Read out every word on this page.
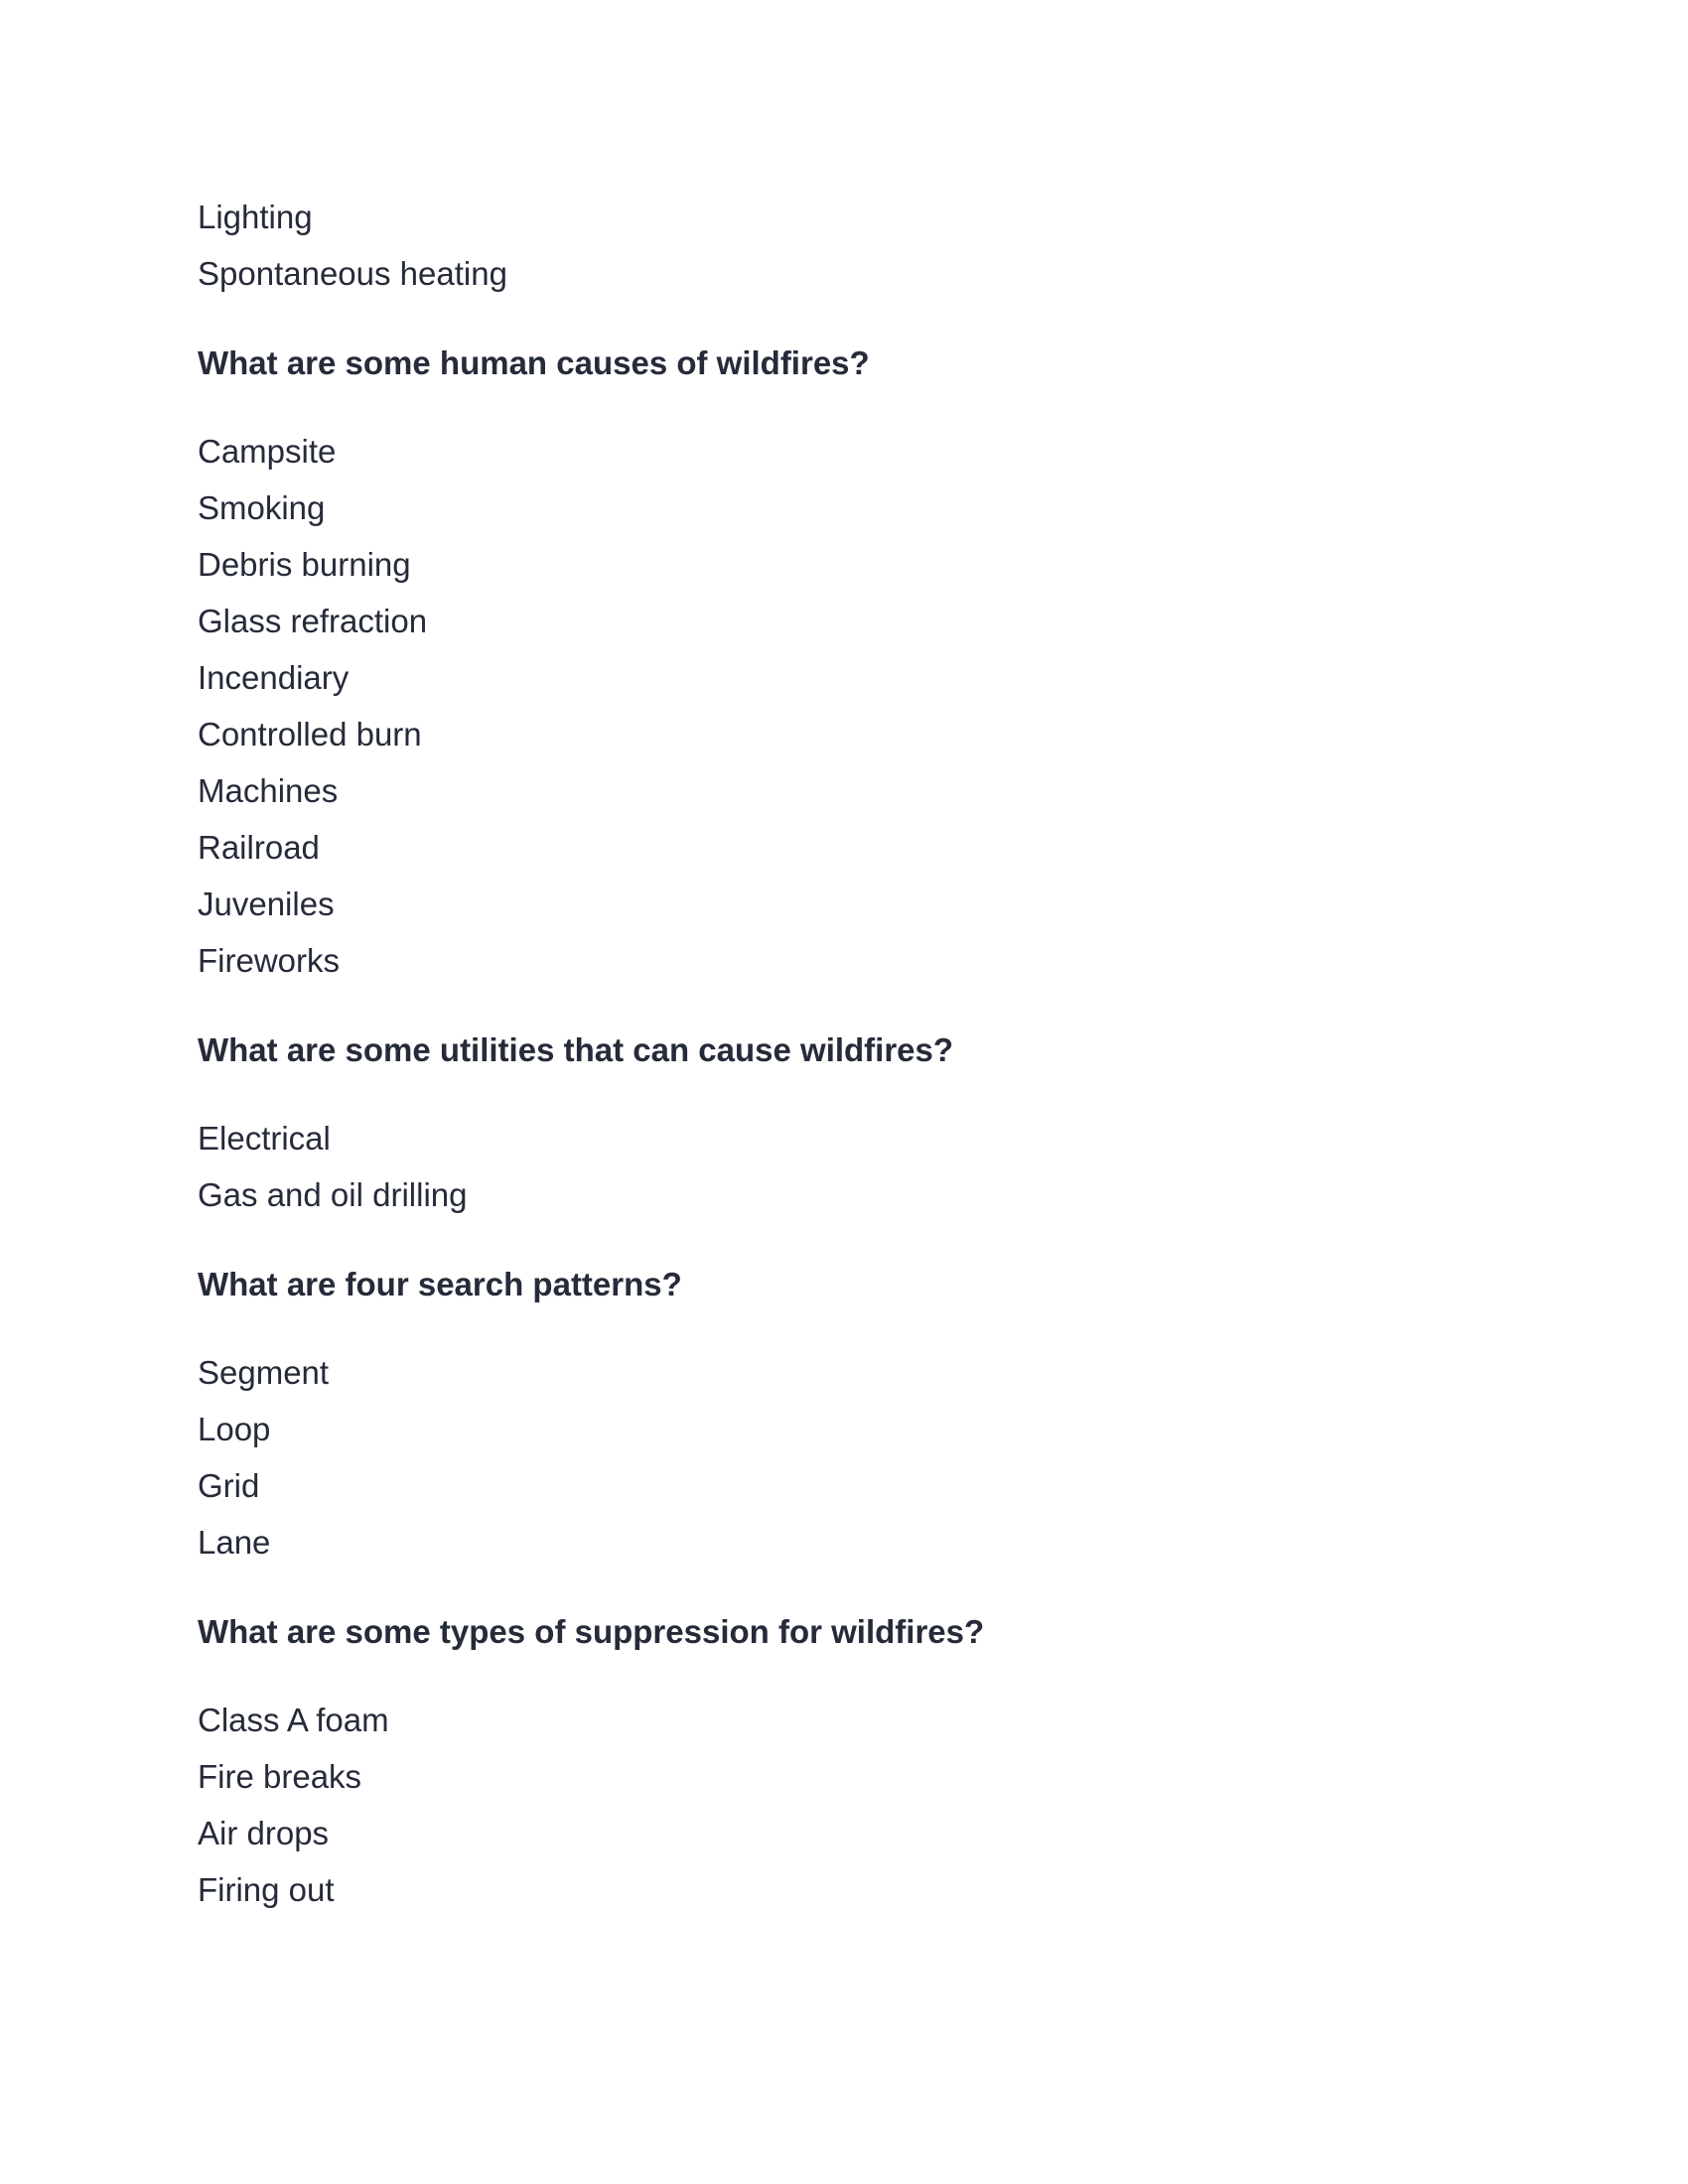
Lighting
Spontaneous heating
What are some human causes of wildfires?
Campsite
Smoking
Debris burning
Glass refraction
Incendiary
Controlled burn
Machines
Railroad
Juveniles
Fireworks
What are some utilities that can cause wildfires?
Electrical
Gas and oil drilling
What are four search patterns?
Segment
Loop
Grid
Lane
What are some types of suppression for wildfires?
Class A foam
Fire breaks
Air drops
Firing out
